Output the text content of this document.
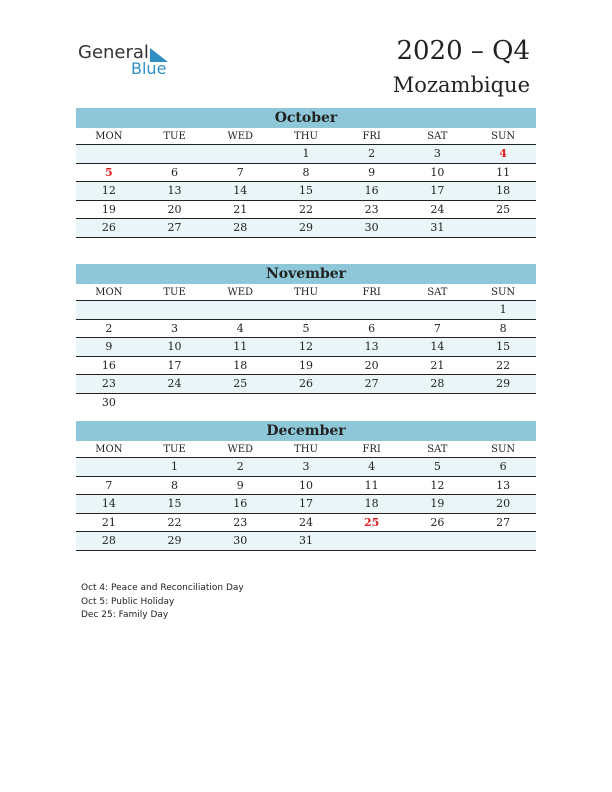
General
Blue
2020 – Q4
Mozambique
October
MON	TUE	WED	THU	FRI	SAT	SUN
			1	2	3	4
5	6	7	8	9	10	11
12	13	14	15	16	17	18
19	20	21	22	23	24	25
26	27	28	29	30	31	
November
MON	TUE	WED	THU	FRI	SAT	SUN
						1
2	3	4	5	6	7	8
9	10	11	12	13	14	15
16	17	18	19	20	21	22
23	24	25	26	27	28	29
30						
December
MON	TUE	WED	THU	FRI	SAT	SUN
	1	2	3	4	5	6
7	8	9	10	11	12	13
14	15	16	17	18	19	20
21	22	23	24	25	26	27
28	29	30	31			
Oct 4: Peace and Reconciliation Day
Oct 5: Public Holiday
Dec 25: Family Day
